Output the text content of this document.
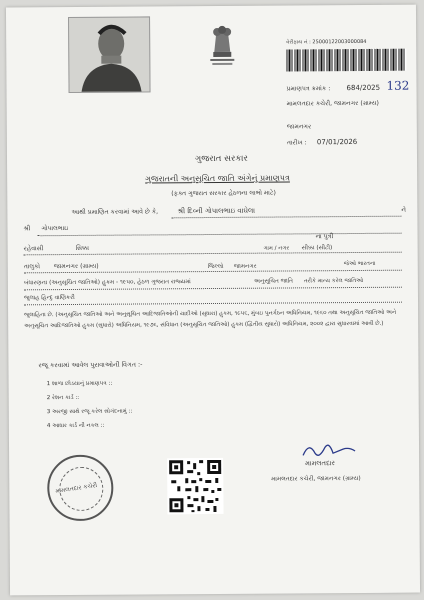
વેરીફાય નં : 25000122003000084
પ્રમાણપત્ર ક્રમાંક : 684/2025 132
મામલતદાર કચેરી, જામનગર (ગ્રામ્ય)
જામનગર
તારીખ : 07/01/2026
ગુજરાત સરકાર
ગુજરાતની અનુસૂચિત જાતિ અંગેનું પ્રમાણપત્ર
(ફક્ત ગુજરાત સરકાર હેઠળના લાભો માટે)
આથી પ્રમાણિત કરવામાં આવે છે કે,	શ્રી દિવ્ની ગોપાલભાઇ વાઘેલા	ને
શ્રી ગોપાલભાઇ
ના પુત્રી
રહેવાસી	સિક્કા	ગામ / નગર સીક્કા (સીટી)
તાલુકો જામનગર (ગ્રામ્ય)	જિલ્લો જામનગર	જેઓ ભારતના
બંધારણના (અનુસૂચિત જાતિઓ) હુકમ - ૧૯૫૦, હેઠળ ગુજરાત રાજ્યમાં	અનુસૂચિત જાતિ તરીકે માન્ય કરેલ જાતિઓ
જુલાહ હિન્દુ વાણિકરી
જુલાહિના છે. (અનુસૂચિત જાતિઓ અને અનુસૂચિત આદિજાતિઓની યાદીઓ (સુધારા) હુકમ, ૧૯૫૬, મુંબઇ પુનર્ગઠન અધિનિયમ, ૧૯૬૦ તથા અનુસૂચિત જાતિઓ અને અનુસૂચિત આદિજાતિઓ હુકમ (સુધારો) અધિનિયમ, ૧૯૭૬, સંવિધાન (અનુસૂચિત જાતિઓ) હુકમ (દ્વિતીય સુધારો) અધિનિયમ, ૨૦૦૨ દ્વારા સુધારવામાં આવી છે.)
રજૂ કરવામાં આવેલ પુરાવાઓની વિગત :-
1 શાળા છોડયાનું પ્રમાણપત્ર ::
2 રેશન કાર્ડ ::
3 અરજી સાથે રજૂ કરેલ સોગંદનામું ::
4 આધાર કાર્ડ ની નકલ ::
મામલતદાર કચેરી
મામલતદાર
મામલતદાર કચેરી, જામનગર (ગ્રામ્ય)
